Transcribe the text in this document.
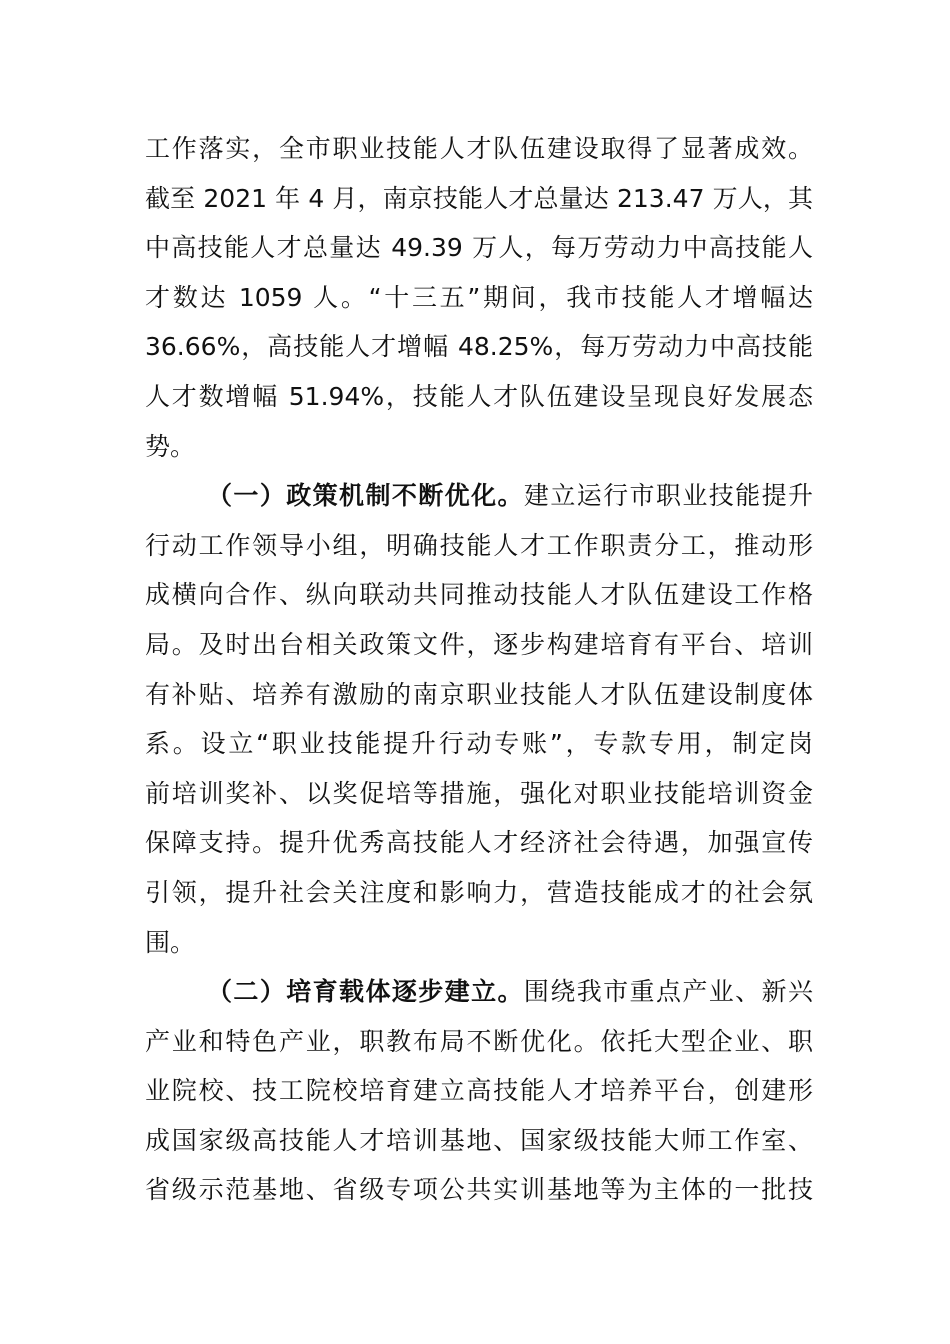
工作落实，全市职业技能人才队伍建设取得了显著成效。
截至 2021 年 4 月，南京技能人才总量达 213.47 万人，其
中高技能人才总量达 49.39 万人，每万劳动力中高技能人
才数达 1059 人。“十三五”期间，我市技能人才增幅达
36.66%，高技能人才增幅 48.25%，每万劳动力中高技能
人才数增幅 51.94%，技能人才队伍建设呈现良好发展态
势。
（一）政策机制不断优化。建立运行市职业技能提升
行动工作领导小组，明确技能人才工作职责分工，推动形
成横向合作、纵向联动共同推动技能人才队伍建设工作格
局。及时出台相关政策文件，逐步构建培育有平台、培训
有补贴、培养有激励的南京职业技能人才队伍建设制度体
系。设立“职业技能提升行动专账”，专款专用，制定岗
前培训奖补、以奖促培等措施，强化对职业技能培训资金
保障支持。提升优秀高技能人才经济社会待遇，加强宣传
引领，提升社会关注度和影响力，营造技能成才的社会氛
围。
（二）培育载体逐步建立。围绕我市重点产业、新兴
产业和特色产业，职教布局不断优化。依托大型企业、职
业院校、技工院校培育建立高技能人才培养平台，创建形
成国家级高技能人才培训基地、国家级技能大师工作室、
省级示范基地、省级专项公共实训基地等为主体的一批技
